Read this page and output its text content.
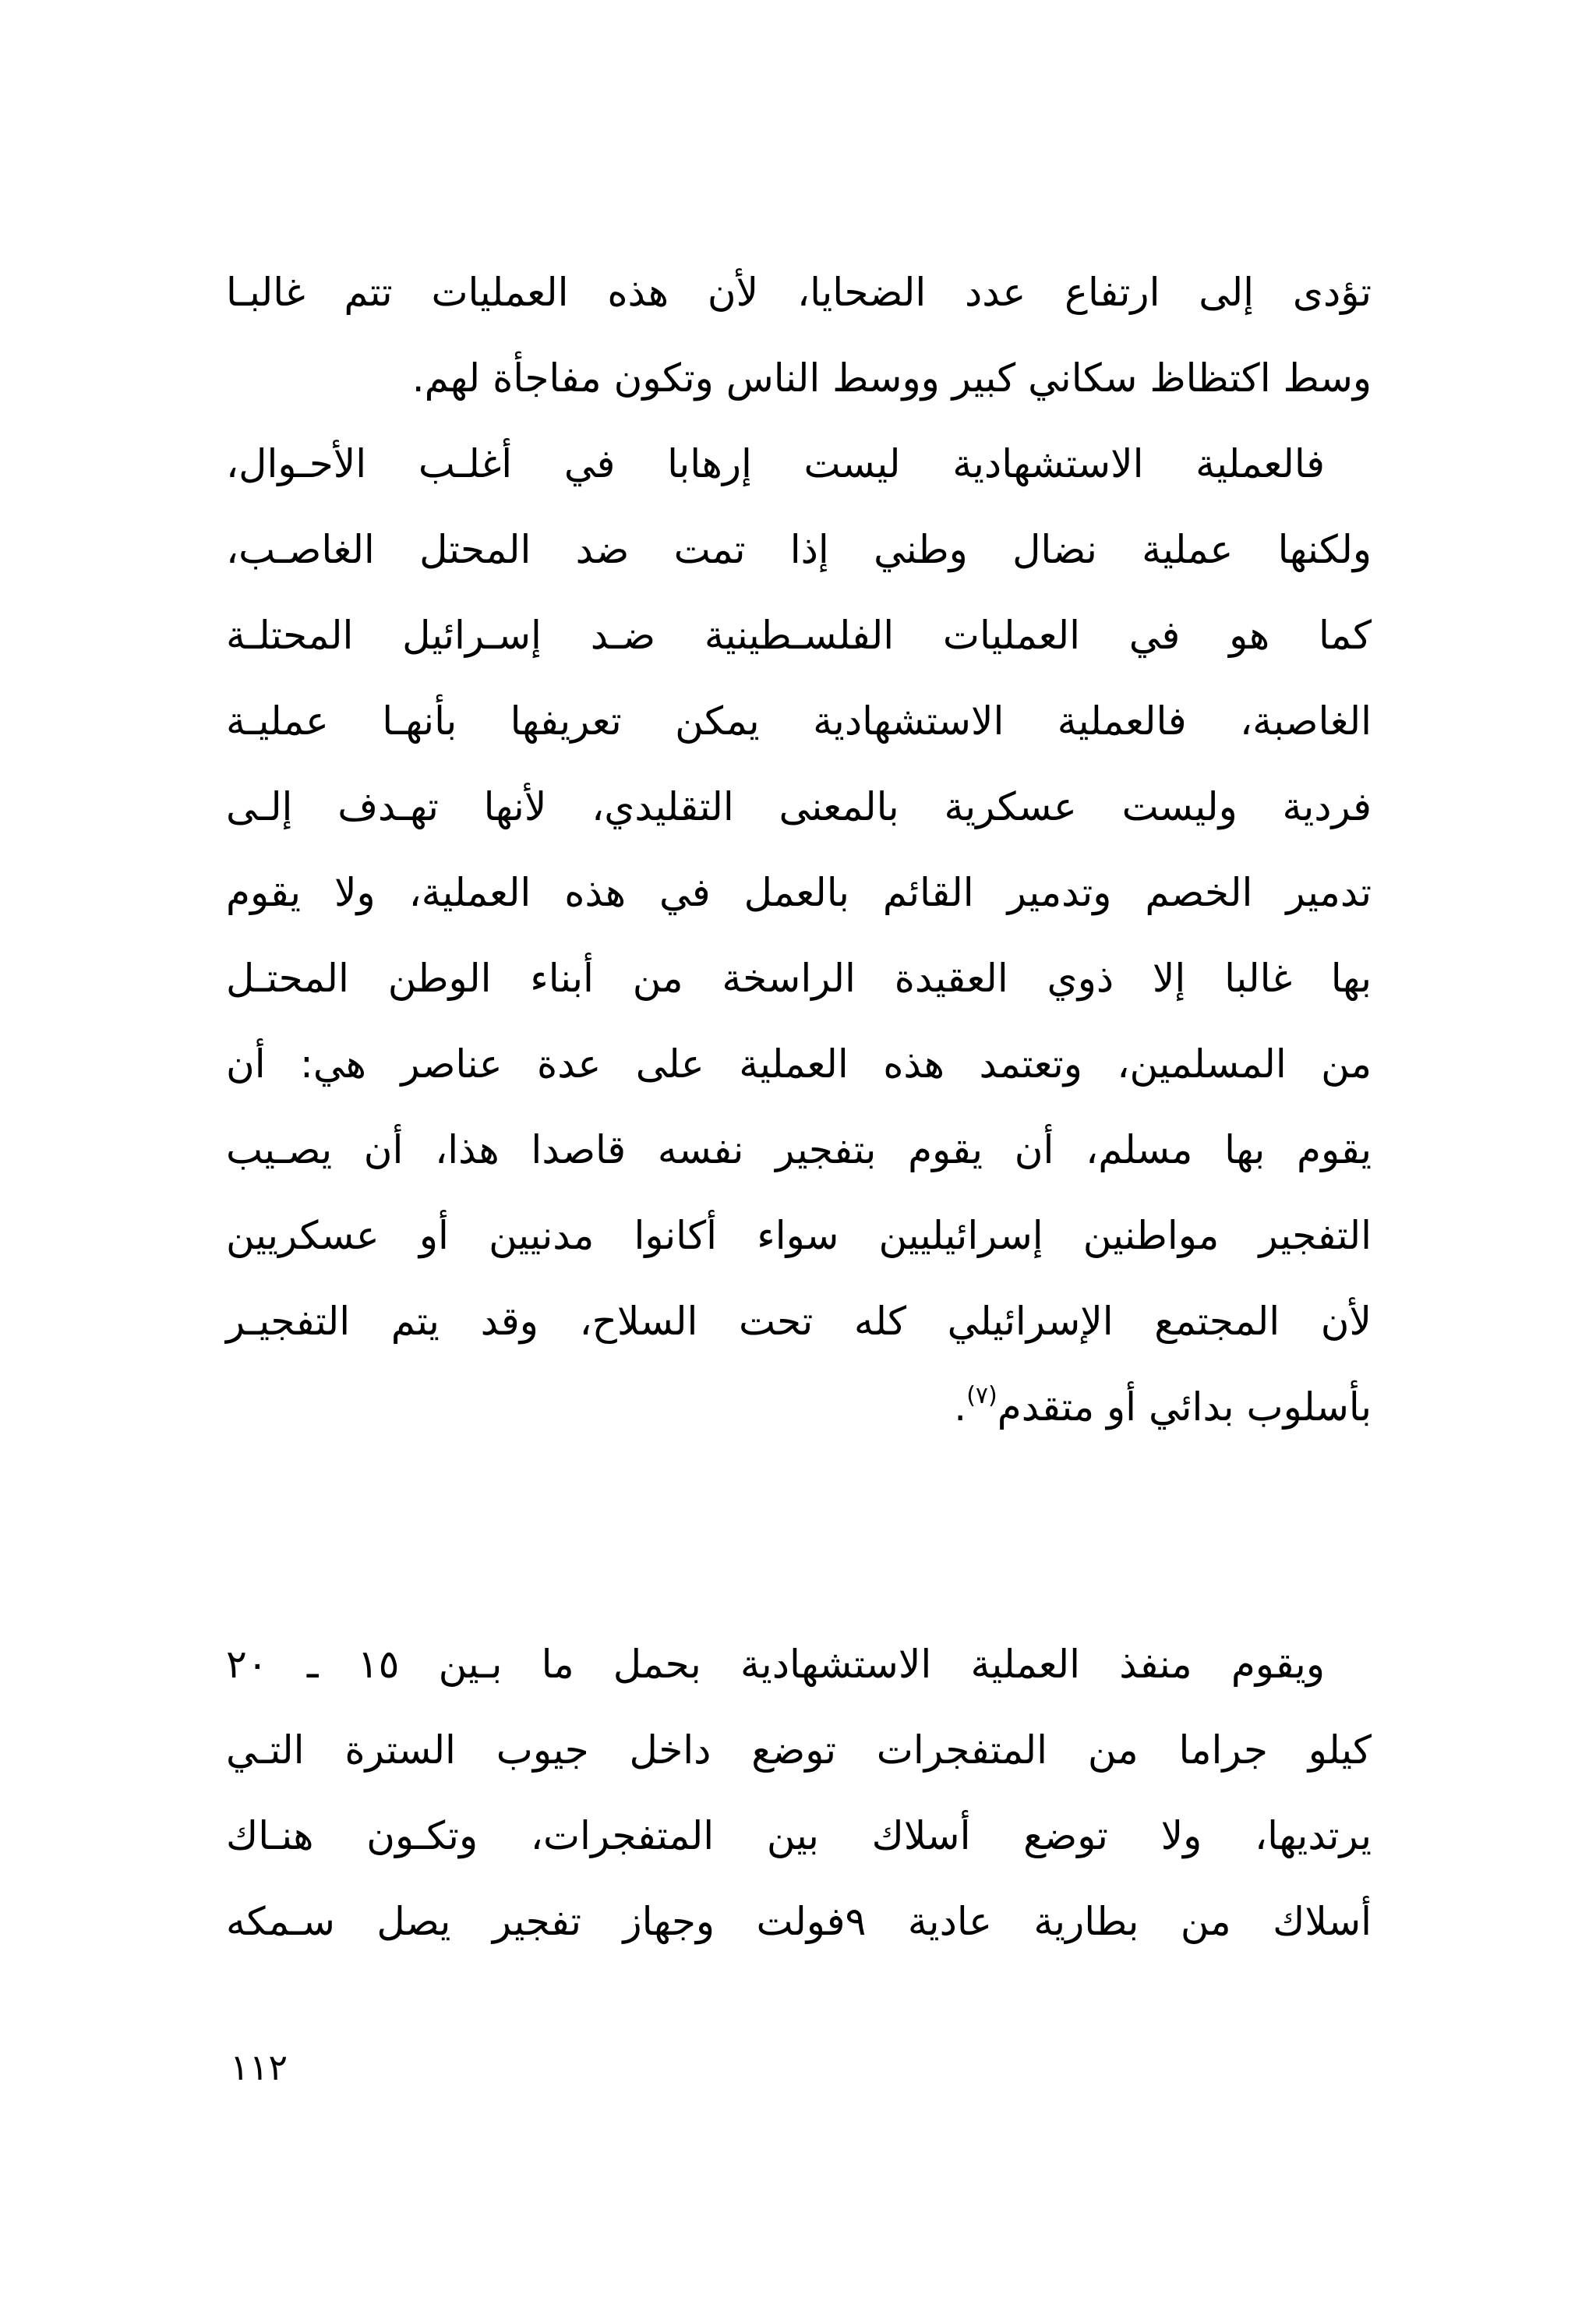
تؤدى إلى ارتفاع عدد الضحايا، لأن هذه العمليات تتم غالبـا
وسط اكتظاظ سكاني كبير ووسط الناس وتكون مفاجأة لهم.
فالعملية الاستشهادية ليست إرهابا في أغلـب الأحـوال،
ولكنها عملية نضال وطني إذا تمت ضد المحتل الغاصـب،
كما هو في العمليات الفلسـطينية ضـد إسـرائيل المحتلـة
الغاصبة، فالعملية الاستشهادية يمكن تعريفها بأنهـا عمليـة
فردية وليست عسكرية بالمعنى التقليدي، لأنها تهـدف إلـى
تدمير الخصم وتدمير القائم بالعمل في هذه العملية، ولا يقوم
بها غالبا إلا ذوي العقيدة الراسخة من أبناء الوطن المحتـل
من المسلمين، وتعتمد هذه العملية على عدة عناصر هي: أن
يقوم بها مسلم، أن يقوم بتفجير نفسه قاصدا هذا، أن يصـيب
التفجير مواطنين إسرائيليين سواء أكانوا مدنيين أو عسكريين
لأن المجتمع الإسرائيلي كله تحت السلاح، وقد يتم التفجيـر
بأسلوب بدائي أو متقدم$^{(٧)}$.
ويقوم منفذ العملية الاستشهادية بحمل ما بـين ١٥ ـ ٢٠
كيلو جراما من المتفجرات توضع داخل جيوب السترة التـي
يرتديها، ولا توضع أسلاك بين المتفجرات، وتكـون هنـاك
أسلاك من بطارية عادية ٩فولت وجهاز تفجير يصل سـمكه
١١٢
